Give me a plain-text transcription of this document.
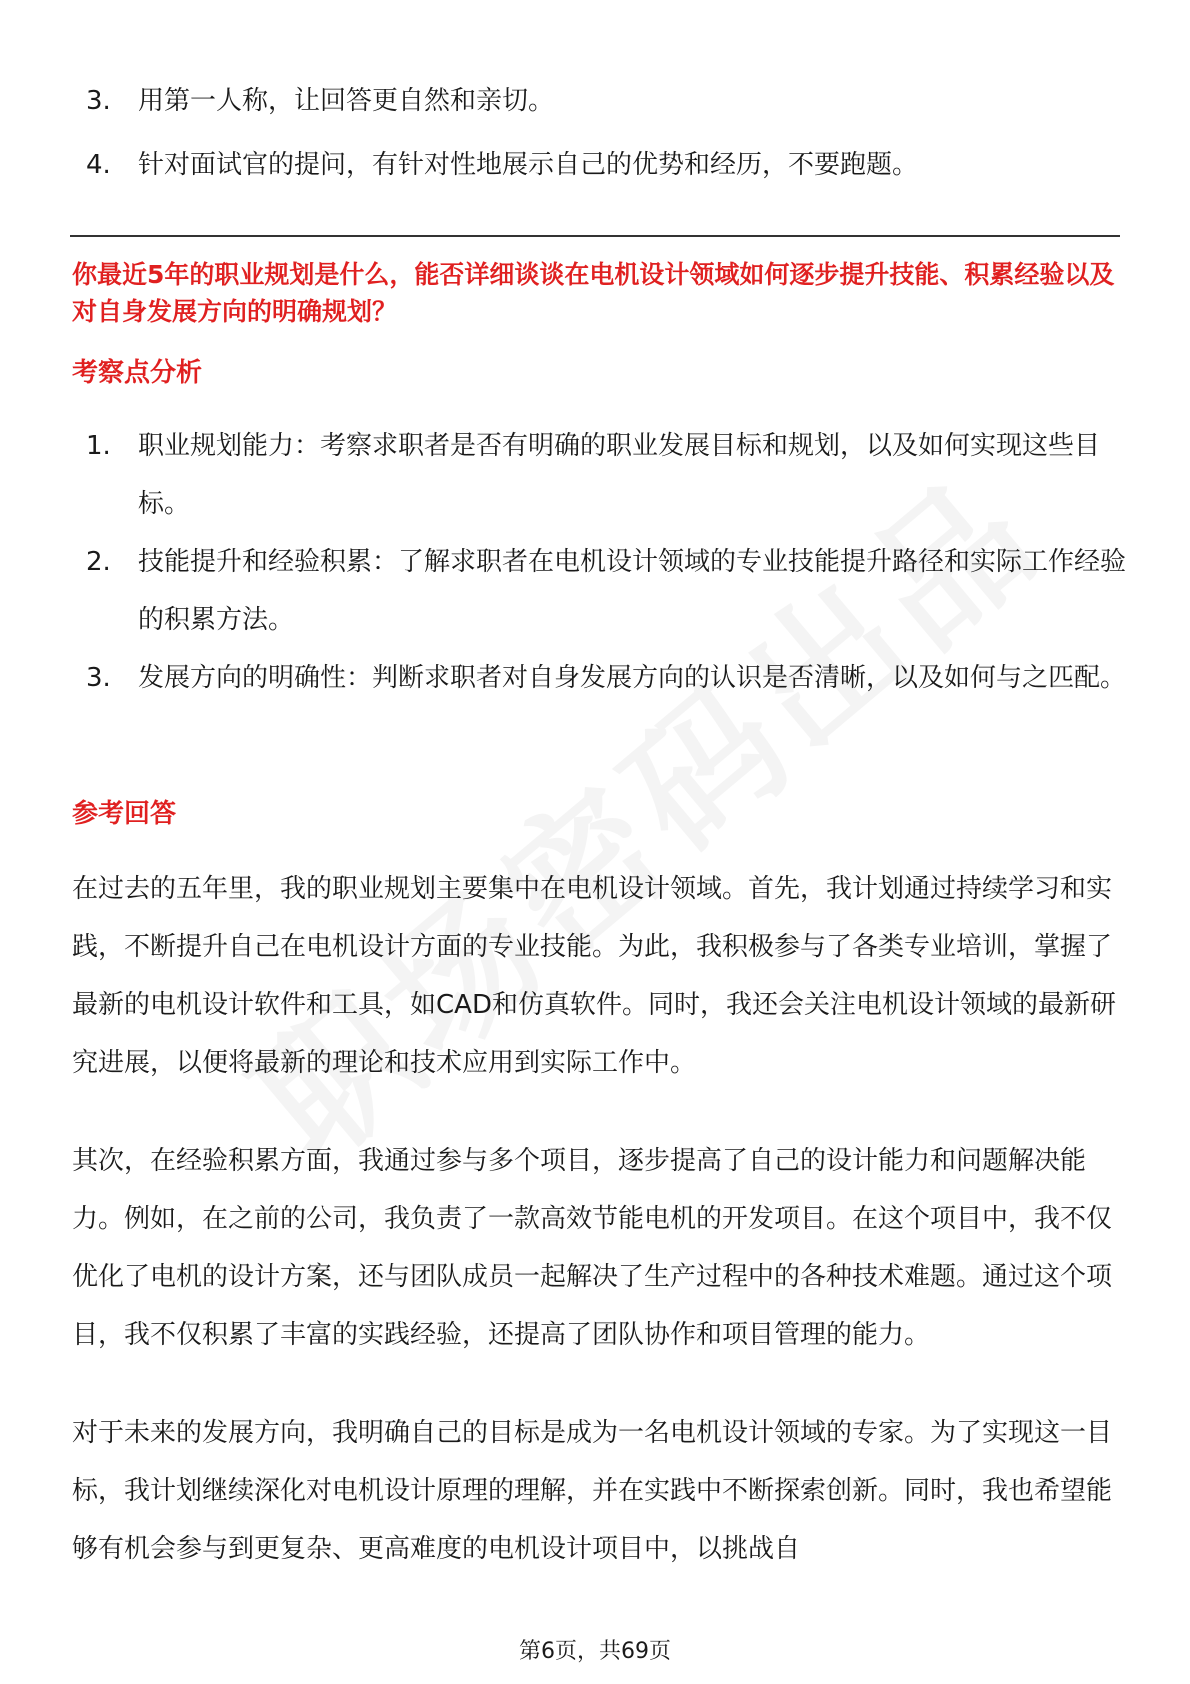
3.	用第一人称，让回答更自然和亲切。
4.	针对面试官的提问，有针对性地展示自己的优势和经历，不要跑题。
你最近5年的职业规划是什么，能否详细谈谈在电机设计领域如何逐步提升技能、积累经验以及对自身发展方向的明确规划？
考察点分析
1.	职业规划能力：考察求职者是否有明确的职业发展目标和规划，以及如何实现这些目标。
2.	技能提升和经验积累：了解求职者在电机设计领域的专业技能提升路径和实际工作经验的积累方法。
3.	发展方向的明确性：判断求职者对自身发展方向的认识是否清晰，以及如何与之匹配。
参考回答

在过去的五年里，我的职业规划主要集中在电机设计领域。首先，我计划通过持续学习和实践，不断提升自己在电机设计方面的专业技能。为此，我积极参与了各类专业培训，掌握了最新的电机设计软件和工具，如CAD和仿真软件。同时，我还会关注电机设计领域的最新研究进展，以便将最新的理论和技术应用到实际工作中。

其次，在经验积累方面，我通过参与多个项目，逐步提高了自己的设计能力和问题解决能力。例如，在之前的公司，我负责了一款高效节能电机的开发项目。在这个项目中，我不仅优化了电机的设计方案，还与团队成员一起解决了生产过程中的各种技术难题。通过这个项目，我不仅积累了丰富的实践经验，还提高了团队协作和项目管理的能力。

对于未来的发展方向，我明确自己的目标是成为一名电机设计领域的专家。为了实现这一目标，我计划继续深化对电机设计原理的理解，并在实践中不断探索创新。同时，我也希望能够有机会参与到更复杂、更高难度的电机设计项目中，以挑战自

第6页，共69页
